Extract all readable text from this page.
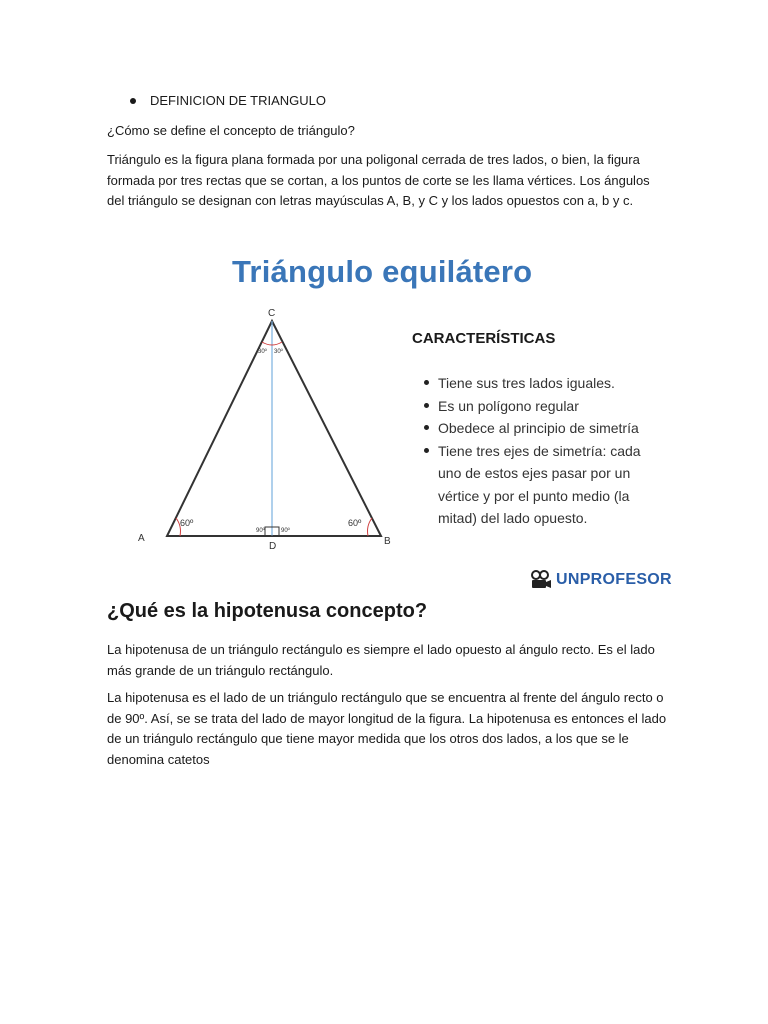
DEFINICION DE TRIANGULO
¿Cómo se define el concepto de triángulo?
Triángulo es la figura plana formada por una poligonal cerrada de tres lados, o bien, la figura formada por tres rectas que se cortan, a los puntos de corte se les llama vértices. Los ángulos del triángulo se designan con letras mayúsculas A, B, y C y los lados opuestos con a, b y c.
Triángulo equilátero
C
A	B
D
30º 30º
60º	60º
90º	90º
CARACTERÍSTICAS
Tiene sus tres lados iguales.
Es un polígono regular
Obedece al principio de simetría
Tiene tres ejes de simetría: cada uno de estos ejes pasar por un vértice y por el punto medio (la mitad) del lado opuesto.
UNPROFESOR
¿Qué es la hipotenusa concepto?
La hipotenusa de un triángulo rectángulo es siempre el lado opuesto al ángulo recto. Es el lado más grande de un triángulo rectángulo.
La hipotenusa es el lado de un triángulo rectángulo que se encuentra al frente del ángulo recto o de 90º. Así, se se trata del lado de mayor longitud de la figura. La hipotenusa es entonces el lado de un triángulo rectángulo que tiene mayor medida que los otros dos lados, a los que se le denomina catetos
